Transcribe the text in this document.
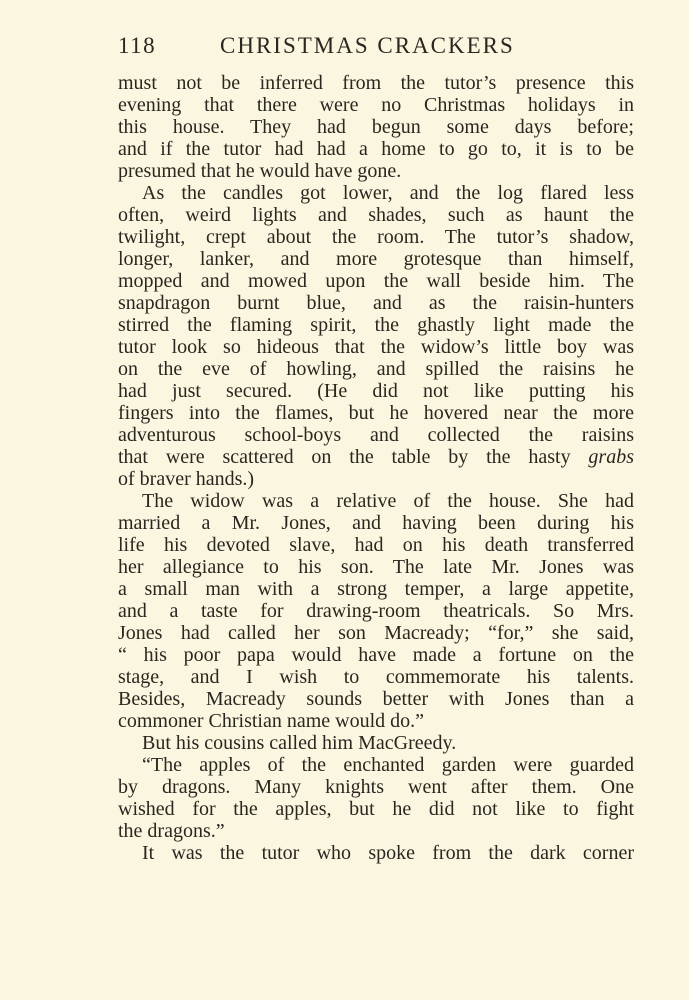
118	CHRISTMAS CRACKERS
must not be inferred from the tutor’s presence this
evening that there were no Christmas holidays in
this house. They had begun some days before;
and if the tutor had had a home to go to, it is to be
presumed that he would have gone.
As the candles got lower, and the log flared less
often, weird lights and shades, such as haunt the
twilight, crept about the room. The tutor’s shadow,
longer, lanker, and more grotesque than himself,
mopped and mowed upon the wall beside him. The
snapdragon burnt blue, and as the raisin-hunters
stirred the flaming spirit, the ghastly light made the
tutor look so hideous that the widow’s little boy was
on the eve of howling, and spilled the raisins he
had just secured. (He did not like putting his
fingers into the flames, but he hovered near the more
adventurous school-boys and collected the raisins
that were scattered on the table by the hasty grabs
of braver hands.)
The widow was a relative of the house. She had
married a Mr. Jones, and having been during his
life his devoted slave, had on his death transferred
her allegiance to his son. The late Mr. Jones was
a small man with a strong temper, a large appetite,
and a taste for drawing-room theatricals. So Mrs.
Jones had called her son Macready; “for,” she said,
“ his poor papa would have made a fortune on the
stage, and I wish to commemorate his talents.
Besides, Macready sounds better with Jones than a
commoner Christian name would do.”
But his cousins called him MacGreedy.
“The apples of the enchanted garden were guarded
by dragons. Many knights went after them. One
wished for the apples, but he did not like to fight
the dragons.”
It was the tutor who spoke from the dark corner
